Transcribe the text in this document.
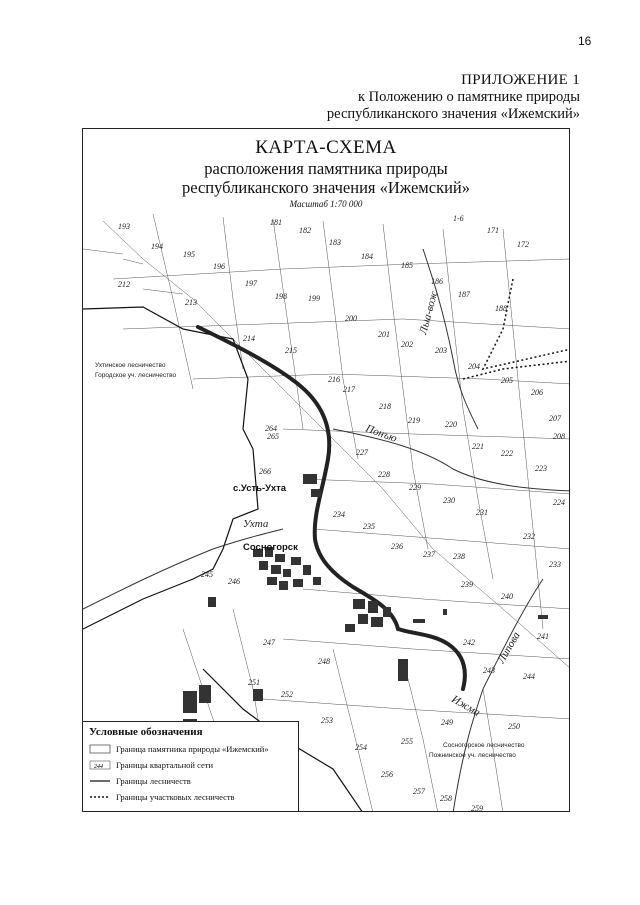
16
ПРИЛОЖЕНИЕ 1
к Положению о памятнике природы
республиканского значения «Ижемский»
193
194
195
196
197
198	199
200
201
202
203
204
205
206
207
208
181
182
183
184
185
186
187
188
171
172
1-6
212
213
214
215
216
217
218
219	220
221
222
223
224
227
228
229
230
231
232
233
234
235
236
237 238
239
240
241
242
243
244
245
246
247
248
249	250
251
252
253
254
255
256
257
258
259
264
265
266
Ухта
Понъю
Ижма
Лыа-вож
Липова
с.Усть-Ухта
Сосногорск
Ухтинское лесничество
Городское уч. лесничество
Сосногорское лесничество
Пожнинское уч. лесничество
КАРТА-СХЕМА
расположения памятника природы
республиканского значения «Ижемский»
Масштаб 1:70 000
Условные обозначения
Граница памятника природы «Ижемский»
244 Границы квартальной сети
Границы лесничеств
Границы участковых лесничеств
